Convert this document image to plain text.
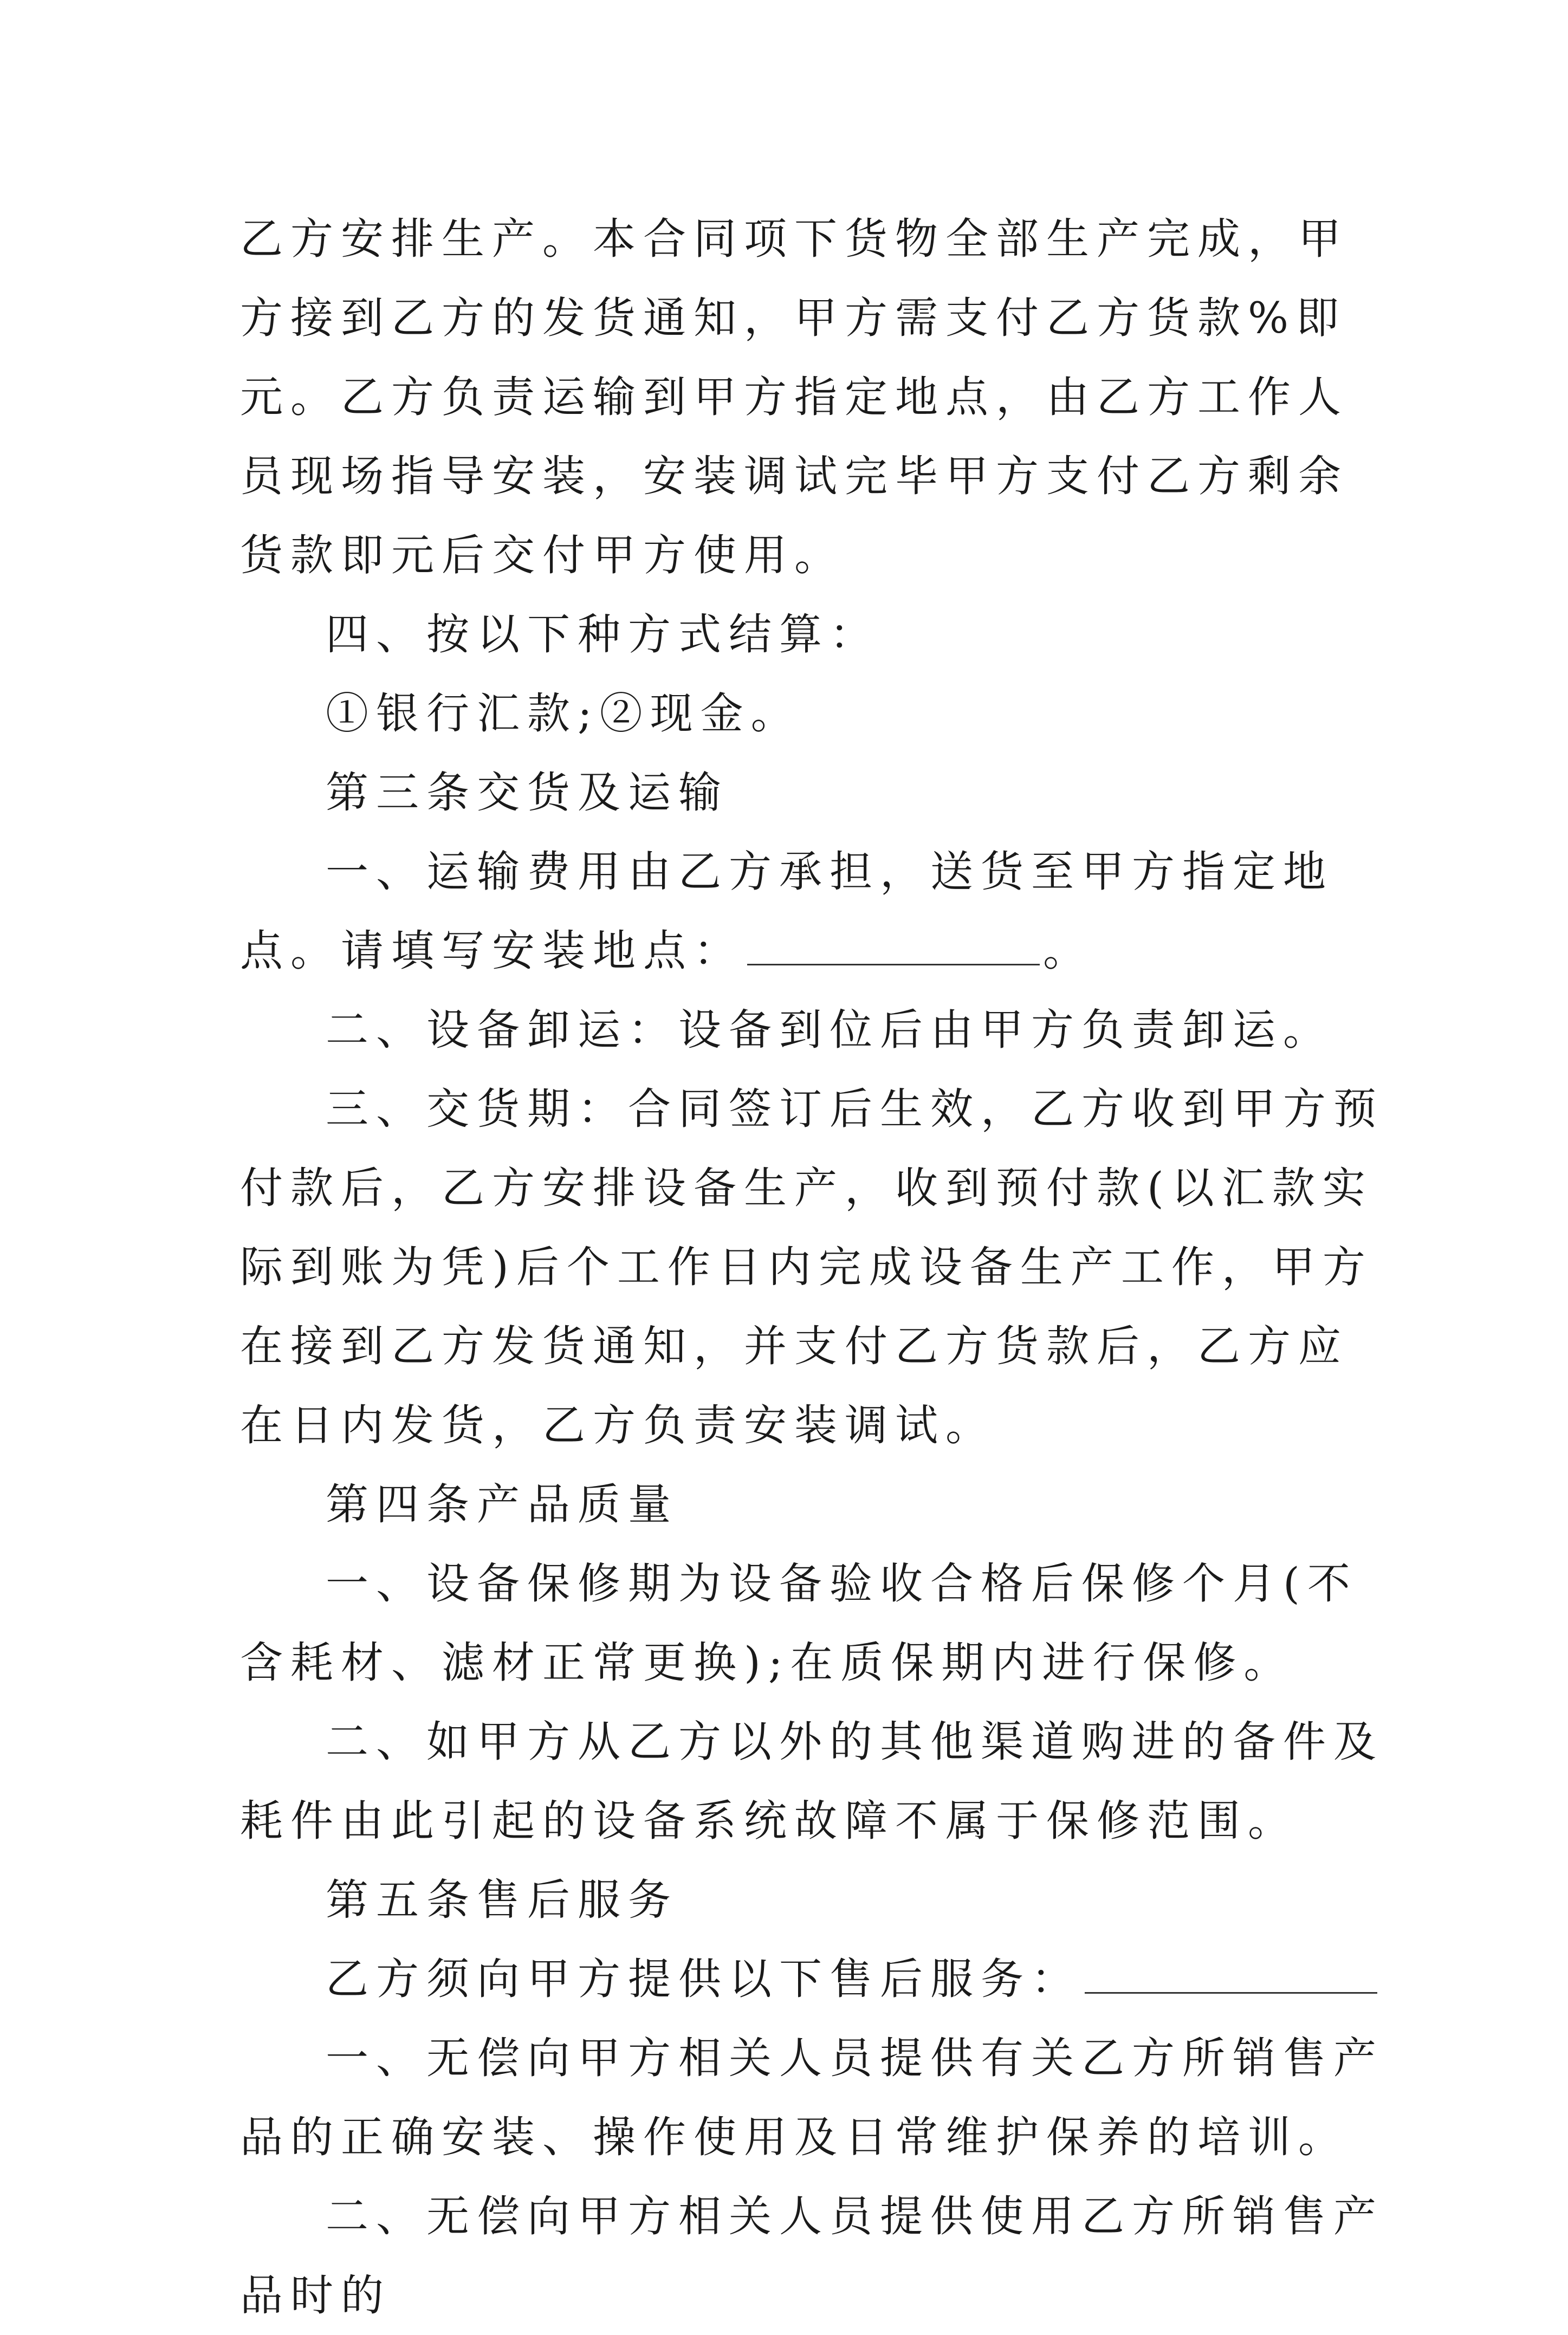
乙方安排生产。本合同项下货物全部生产完成，甲方接到乙方的发货通知，甲方需支付乙方货款%即元。乙方负责运输到甲方指定地点，由乙方工作人员现场指导安装，安装调试完毕甲方支付乙方剩余货款即元后交付甲方使用。

四、按以下种方式结算：

①银行汇款;②现金。

第三条交货及运输

一、运输费用由乙方承担，送货至甲方指定地点。请填写安装地点：	。

二、设备卸运：设备到位后由甲方负责卸运。

三、交货期：合同签订后生效，乙方收到甲方预付款后，乙方安排设备生产，收到预付款(以汇款实际到账为凭)后个工作日内完成设备生产工作，甲方在接到乙方发货通知，并支付乙方货款后，乙方应在日内发货，乙方负责安装调试。

第四条产品质量

一、设备保修期为设备验收合格后保修个月(不含耗材、滤材正常更换);在质保期内进行保修。

二、如甲方从乙方以外的其他渠道购进的备件及耗件由此引起的设备系统故障不属于保修范围。

第五条售后服务

乙方须向甲方提供以下售后服务：

一、无偿向甲方相关人员提供有关乙方所销售产品的正确安装、操作使用及日常维护保养的培训。

二、无偿向甲方相关人员提供使用乙方所销售产品时的
